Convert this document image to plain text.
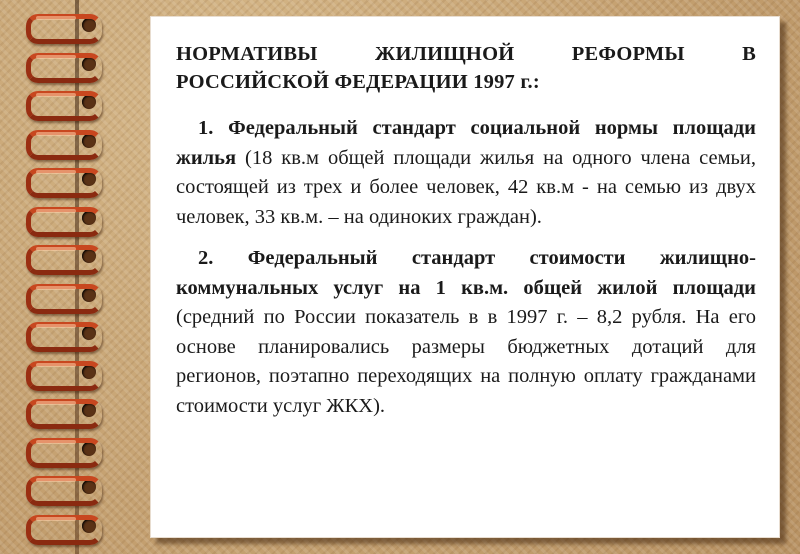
НОРМАТИВЫ ЖИЛИЩНОЙ РЕФОРМЫ В РОССИЙСКОЙ ФЕДЕРАЦИИ 1997 г.:

1. Федеральный стандарт социальной нормы площади жилья (18 кв.м общей площади жилья на одного члена семьи, состоящей из трех и более человек, 42 кв.м - на семью из двух человек, 33 кв.м. – на одиноких граждан).

2. Федеральный стандарт стоимости жилищно-коммунальных услуг на 1 кв.м. общей жилой площади (средний по России показатель в в 1997 г. – 8,2 рубля. На его основе планировались размеры бюджетных дотаций для регионов, поэтапно переходящих на полную оплату гражданами стоимости услуг ЖКХ).
